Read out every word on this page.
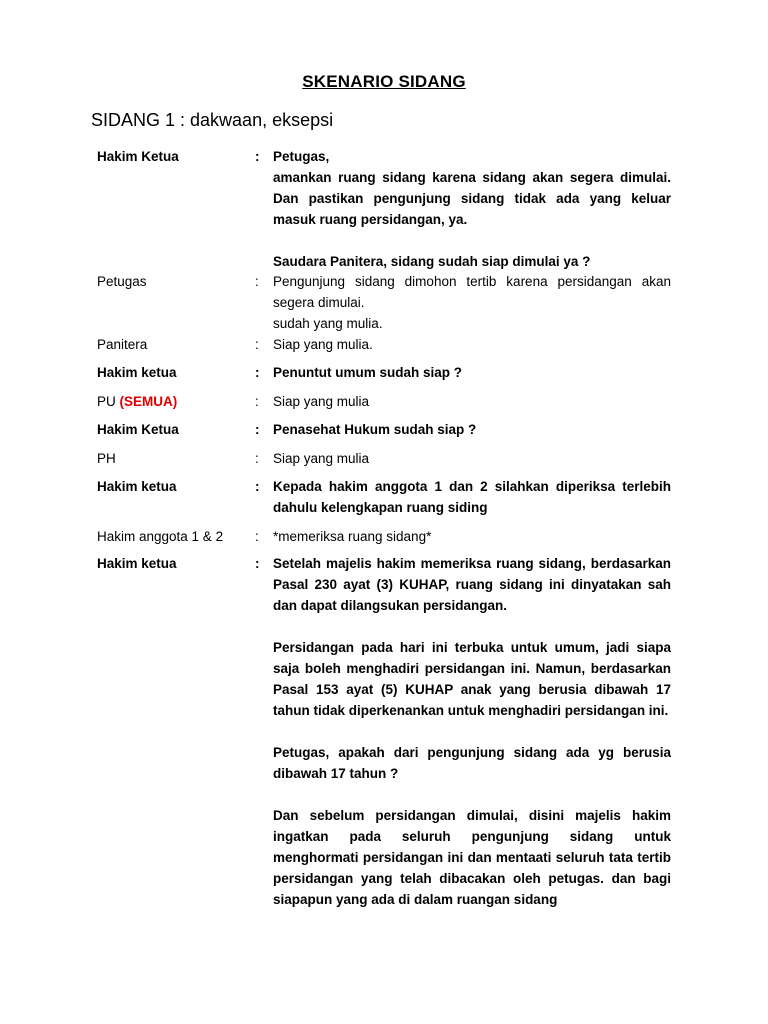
SKENARIO SIDANG
SIDANG 1 : dakwaan, eksepsi
Hakim Ketua	: Petugas,

amankan ruang sidang karena sidang akan segera dimulai. Dan pastikan pengunjung sidang tidak ada yang keluar masuk ruang persidangan, ya.

Saudara Panitera, sidang sudah siap dimulai ya ?

Petugas	: Pengunjung sidang dimohon tertib karena persidangan akan segera dimulai.

sudah yang mulia.

Panitera	: Siap yang mulia.

Hakim ketua	: Penuntut umum sudah siap ?

PU (SEMUA)	: Siap yang mulia

Hakim Ketua	: Penasehat Hukum sudah siap ?

PH	: Siap yang mulia

Hakim ketua	: Kepada hakim anggota 1 dan 2 silahkan diperiksa terlebih dahulu kelengkapan ruang siding

Hakim anggota 1 & 2 : *memeriksa ruang sidang*

Hakim ketua	: Setelah majelis hakim memeriksa ruang sidang, berdasarkan Pasal 230 ayat (3) KUHAP, ruang sidang ini dinyatakan sah dan dapat dilangsukan persidangan.

Persidangan pada hari ini terbuka untuk umum, jadi siapa saja boleh menghadiri persidangan ini. Namun, berdasarkan Pasal 153 ayat (5) KUHAP anak yang berusia dibawah 17 tahun tidak diperkenankan untuk menghadiri persidangan ini.

Petugas, apakah dari pengunjung sidang ada yg berusia dibawah 17 tahun ?

Dan sebelum persidangan dimulai, disini majelis hakim ingatkan pada seluruh pengunjung sidang untuk menghormati persidangan ini dan mentaati seluruh tata tertib persidangan yang telah dibacakan oleh petugas. dan bagi siapapun yang ada di dalam ruangan sidang
